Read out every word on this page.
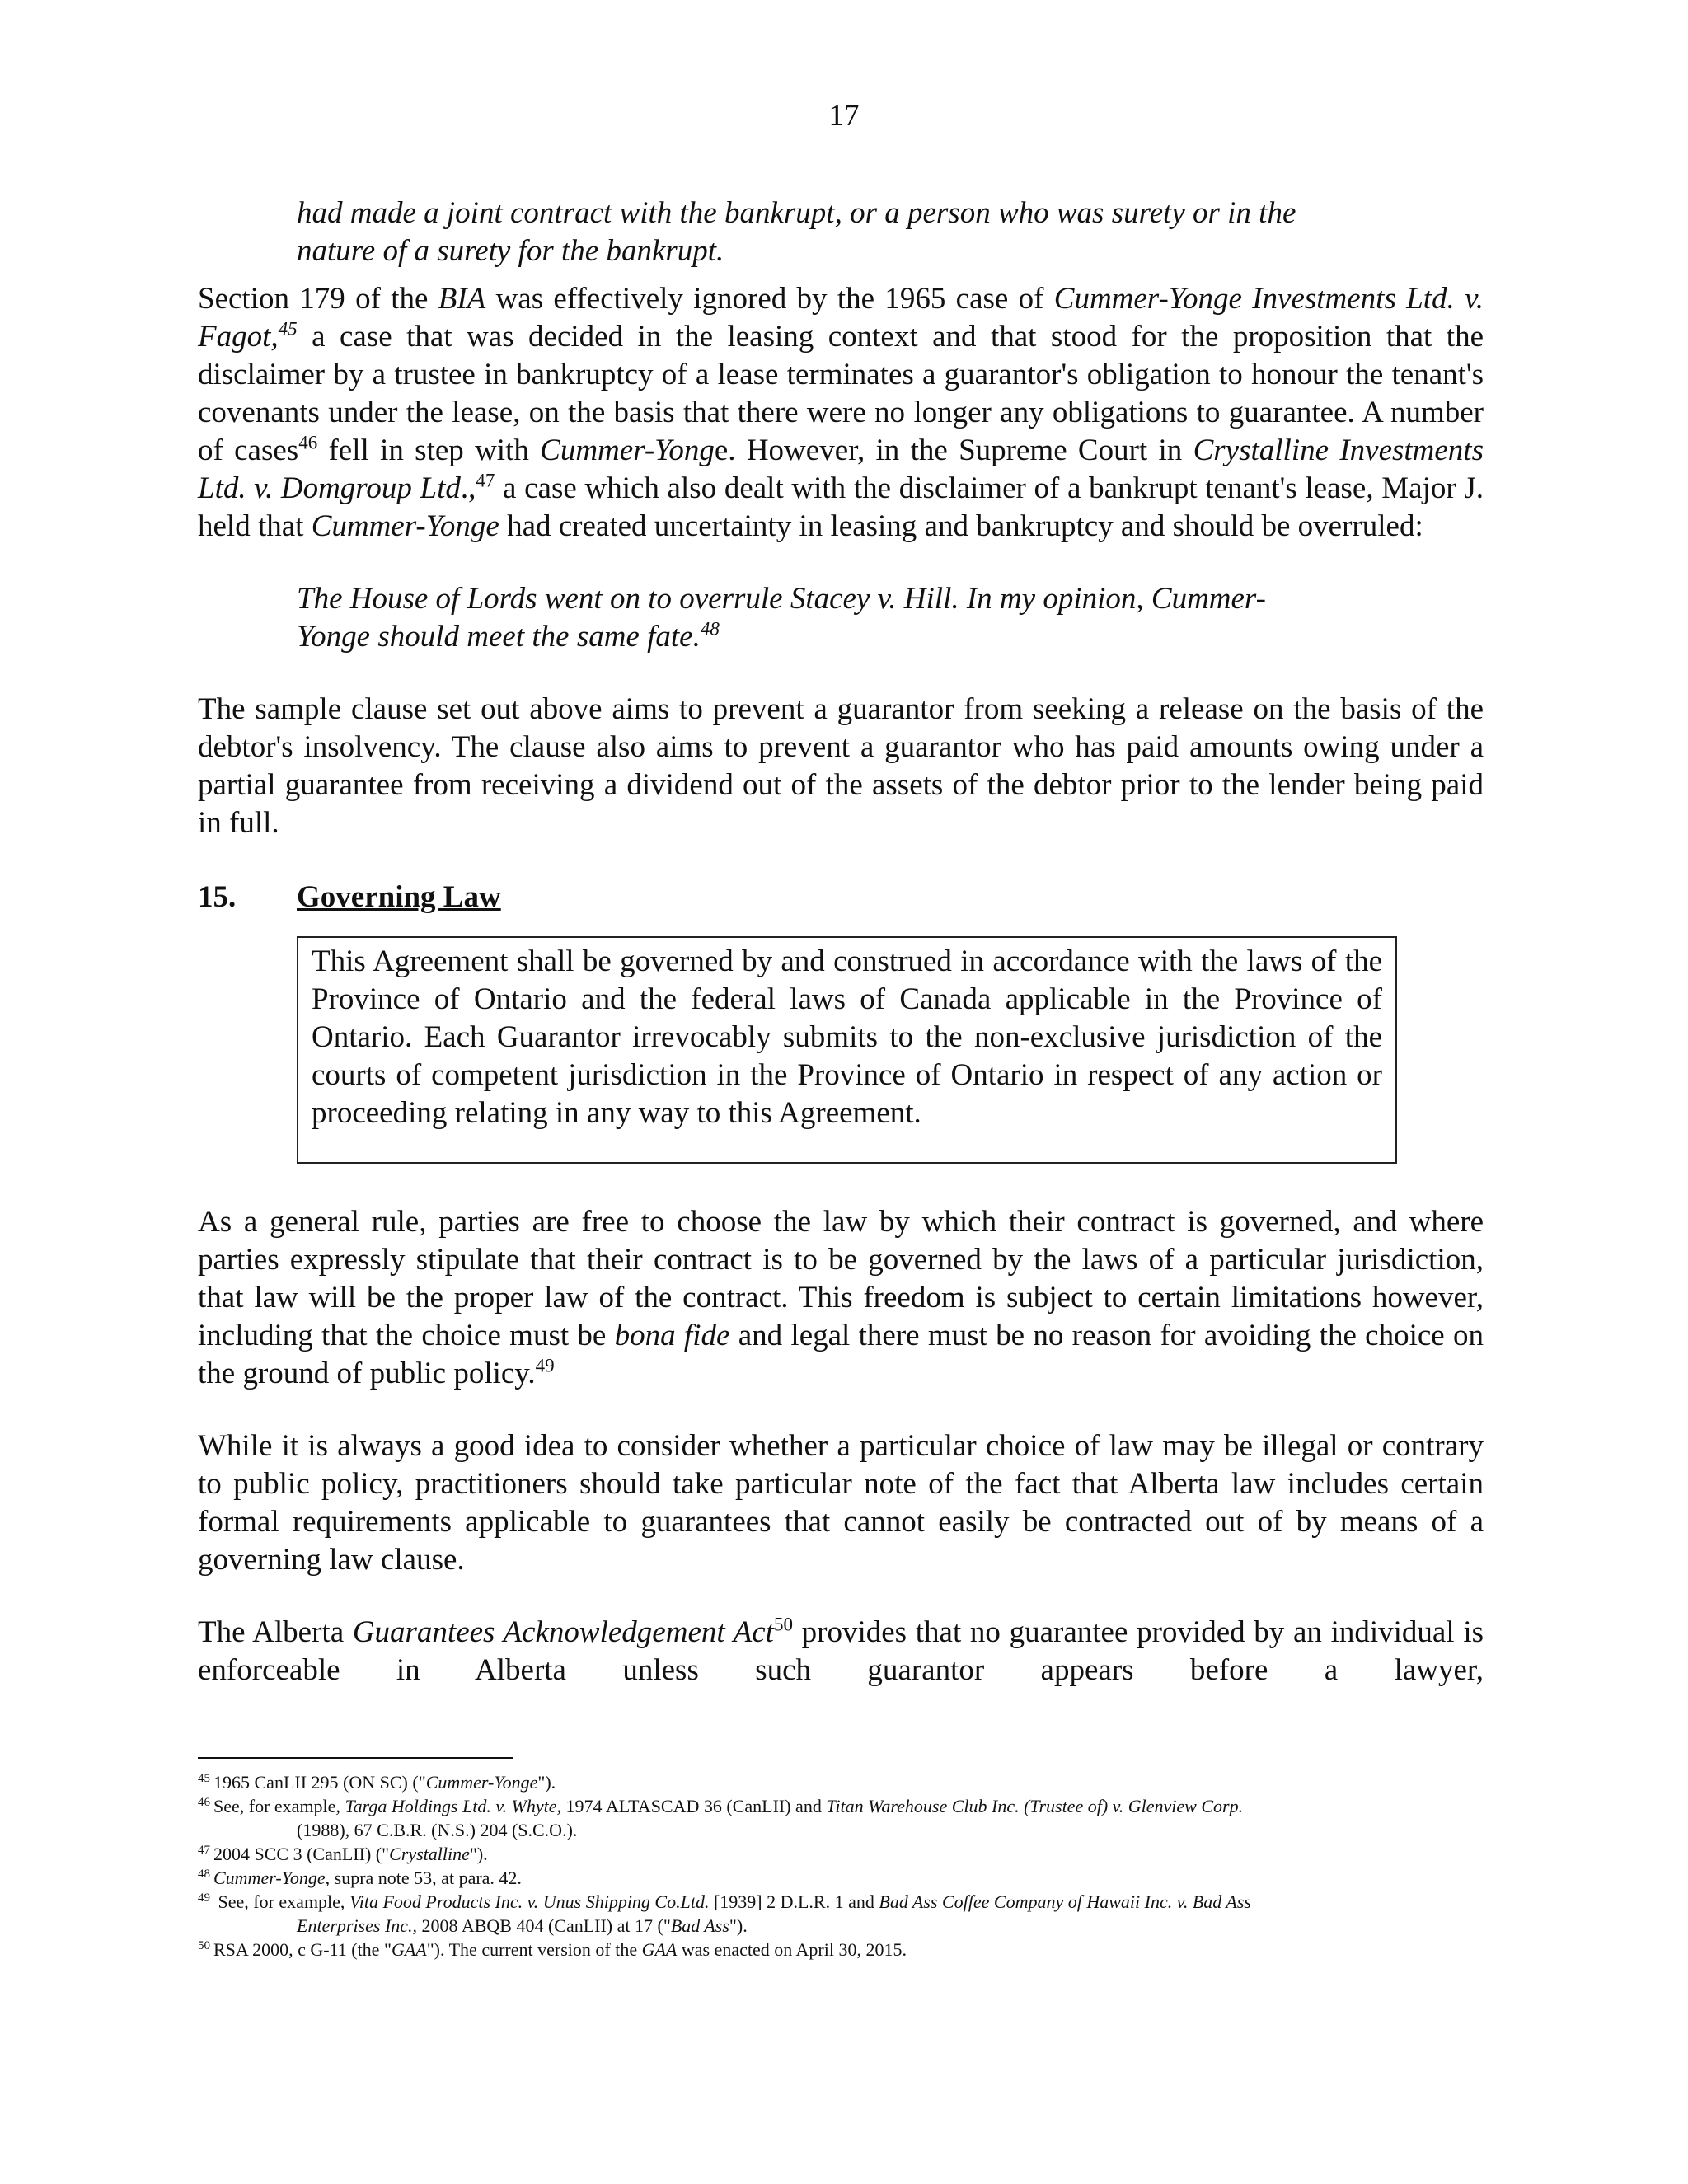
17

had made a joint contract with the bankrupt, or a person who was surety or in the
nature of a surety for the bankrupt.

Section 179 of the BIA was effectively ignored by the 1965 case of Cummer-Yonge Investments Ltd. v. Fagot,$^{45}$ a case that was decided in the leasing context and that stood for the proposition that the disclaimer by a trustee in bankruptcy of a lease terminates a guarantor's obligation to honour the tenant's covenants under the lease, on the basis that there were no longer any obligations to guarantee. A number of cases$^{46}$ fell in step with Cummer-Yonge. However, in the Supreme Court in Crystalline Investments Ltd. v. Domgroup Ltd.,$^{47}$ a case which also dealt with the disclaimer of a bankrupt tenant's lease, Major J. held that Cummer-Yonge had created uncertainty in leasing and bankruptcy and should be overruled:

The House of Lords went on to overrule Stacey v. Hill. In my opinion, Cummer-
Yonge should meet the same fate.$^{48}$

The sample clause set out above aims to prevent a guarantor from seeking a release on the basis of the debtor's insolvency. The clause also aims to prevent a guarantor who has paid amounts owing under a partial guarantee from receiving a dividend out of the assets of the debtor prior to the lender being paid in full.

15.	Governing Law

This Agreement shall be governed by and construed in accordance with the laws of the Province of Ontario and the federal laws of Canada applicable in the Province of Ontario. Each Guarantor irrevocably submits to the non-exclusive jurisdiction of the courts of competent jurisdiction in the Province of Ontario in respect of any action or proceeding relating in any way to this Agreement.

As a general rule, parties are free to choose the law by which their contract is governed, and where parties expressly stipulate that their contract is to be governed by the laws of a particular jurisdiction, that law will be the proper law of the contract. This freedom is subject to certain limitations however, including that the choice must be bona fide and legal there must be no reason for avoiding the choice on the ground of public policy.$^{49}$

While it is always a good idea to consider whether a particular choice of law may be illegal or contrary to public policy, practitioners should take particular note of the fact that Alberta law includes certain formal requirements applicable to guarantees that cannot easily be contracted out of by means of a governing law clause.

The Alberta Guarantees Acknowledgement Act$^{50}$ provides that no guarantee provided by an individual is enforceable in Alberta unless such guarantor appears before a lawyer,

$^{45}$ 1965 CanLII 295 (ON SC) ("Cummer-Yonge").

$^{46}$ See, for example, Targa Holdings Ltd. v. Whyte, 1974 ALTASCAD 36 (CanLII) and Titan Warehouse Club Inc. (Trustee of) v. Glenview Corp.
(1988), 67 C.B.R. (N.S.) 204 (S.C.O.).

$^{47}$ 2004 SCC 3 (CanLII) ("Crystalline").

$^{48}$ Cummer-Yonge, supra note 53, at para. 42.

$^{49}$ See, for example, Vita Food Products Inc. v. Unus Shipping Co.Ltd. [1939] 2 D.L.R. 1 and Bad Ass Coffee Company of Hawaii Inc. v. Bad Ass
Enterprises Inc., 2008 ABQB 404 (CanLII) at 17 ("Bad Ass").

$^{50}$ RSA 2000, c G-11 (the "GAA"). The current version of the GAA was enacted on April 30, 2015.
